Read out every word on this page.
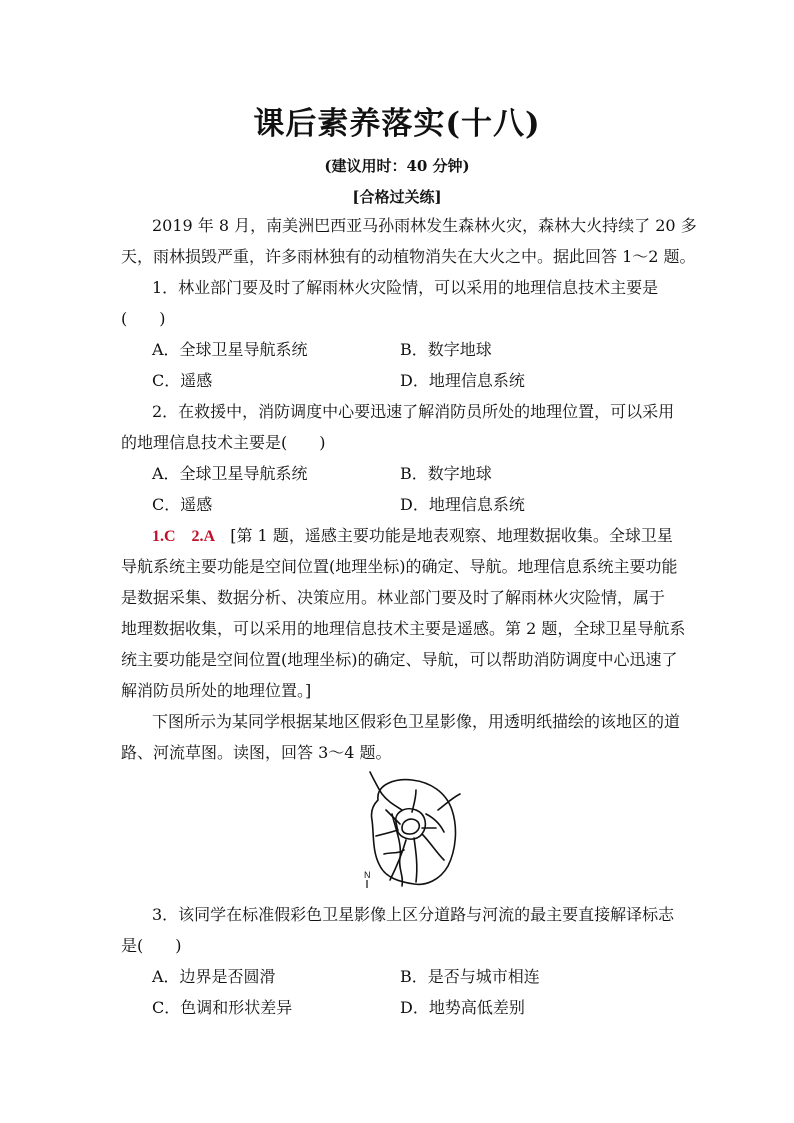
课后素养落实(十八)
(建议用时：40 分钟)
[合格过关练]
2019 年 8 月，南美洲巴西亚马孙雨林发生森林火灾，森林大火持续了 20 多
天，雨林损毁严重，许多雨林独有的动植物消失在大火之中。据此回答 1～2 题。
1．林业部门要及时了解雨林火灾险情，可以采用的地理信息技术主要是
(　　)
A．全球卫星导航系统	B．数字地球
C．遥感	D．地理信息系统
2．在救援中，消防调度中心要迅速了解消防员所处的地理位置，可以采用
的地理信息技术主要是(　　)
A．全球卫星导航系统	B．数字地球
C．遥感	D．地理信息系统
1.C　2.A [第 1 题，遥感主要功能是地表观察、地理数据收集。全球卫星
导航系统主要功能是空间位置(地理坐标)的确定、导航。地理信息系统主要功能
是数据采集、数据分析、决策应用。林业部门要及时了解雨林火灾险情，属于
地理数据收集，可以采用的地理信息技术主要是遥感。第 2 题，全球卫星导航系
统主要功能是空间位置(地理坐标)的确定、导航，可以帮助消防调度中心迅速了
解消防员所处的地理位置。]
下图所示为某同学根据某地区假彩色卫星影像，用透明纸描绘的该地区的道
路、河流草图。读图，回答 3～4 题。
N
3．该同学在标准假彩色卫星影像上区分道路与河流的最主要直接解译标志
是(　　)
A．边界是否圆滑	B．是否与城市相连
C．色调和形状差异	D．地势高低差别
